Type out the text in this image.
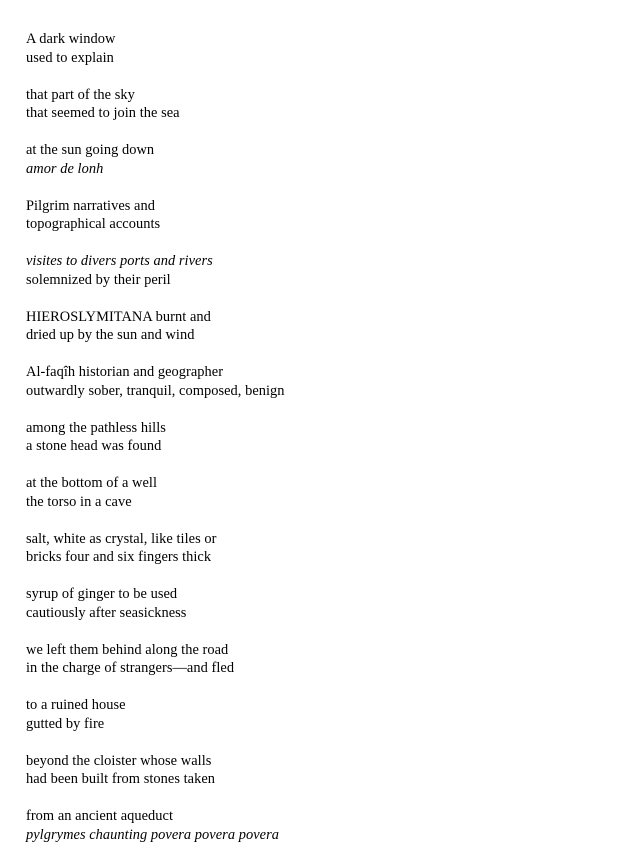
A dark window
used to explain
that part of the sky
that seemed to join the sea
at the sun going down
amor de lonh
Pilgrim narratives and
topographical accounts
visites to divers ports and rivers
solemnized by their peril
HIEROSLYMITANA burnt and
dried up by the sun and wind
Al-faqîh historian and geographer
outwardly sober, tranquil, composed, benign
among the pathless hills
a stone head was found
at the bottom of a well
the torso in a cave
salt, white as crystal, like tiles or
bricks four and six fingers thick
syrup of ginger to be used
cautiously after seasickness
we left them behind along the road
in the charge of strangers—and fled
to a ruined house
gutted by fire
beyond the cloister whose walls
had been built from stones taken
from an ancient aqueduct
pylgrymes chaunting povera povera povera
